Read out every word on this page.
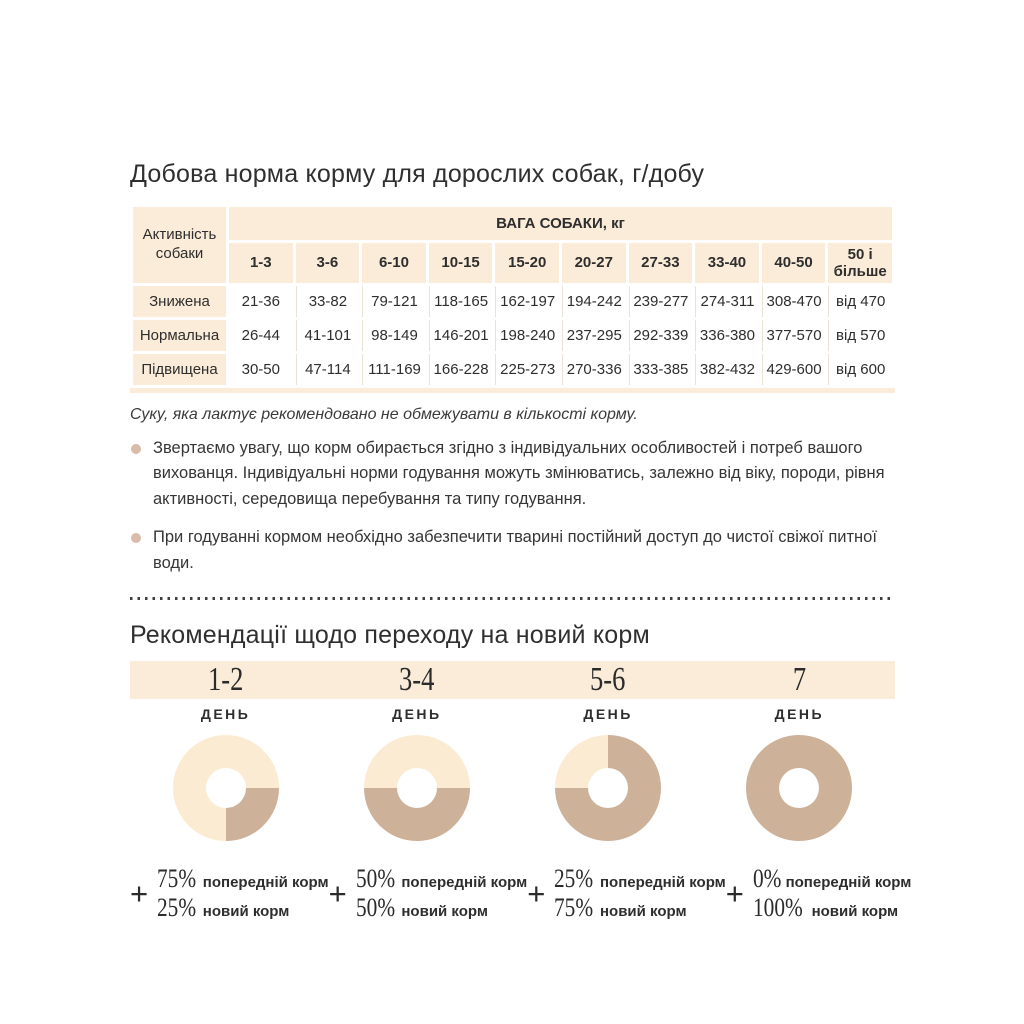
Добова норма корму для дорослих собак, г/добу
Активність собаки	ВАГА СОБАКИ, кг									
	1-3	3-6	6-10	10-15	15-20	20-27	27-33	33-40	40-50	50 і більше
Знижена	21-36	33-82	79-121	118-165	162-197	194-242	239-277	274-311	308-470	від 470
Нормальна	26-44	41-101	98-149	146-201	198-240	237-295	292-339	336-380	377-570	від 570
Підвищена	30-50	47-114	111-169	166-228	225-273	270-336	333-385	382-432	429-600	від 600
Суку, яка лактує рекомендовано не обмежувати в кількості корму.
Звертаємо увагу, що корм обирається згідно з індивідуальних особливостей і потреб вашого вихованця. Індивідуальні норми годування можуть змінюватись, залежно від віку, породи, рівня активності, середовища перебування та типу годування.
При годуванні кормом необхідно забезпечити тварині постійний доступ до чистої свіжої питної води.
Рекомендації щодо переходу на новий корм
1-2	3-4	5-6	7
ДЕНЬ	ДЕНЬ	ДЕНЬ	ДЕНЬ
+ 75% попередній корм
25% новий корм
+ 50% попередній корм
50% новий корм
+ 25% попередній корм
75% новий корм
+ 0% попередній корм
100% новий корм
